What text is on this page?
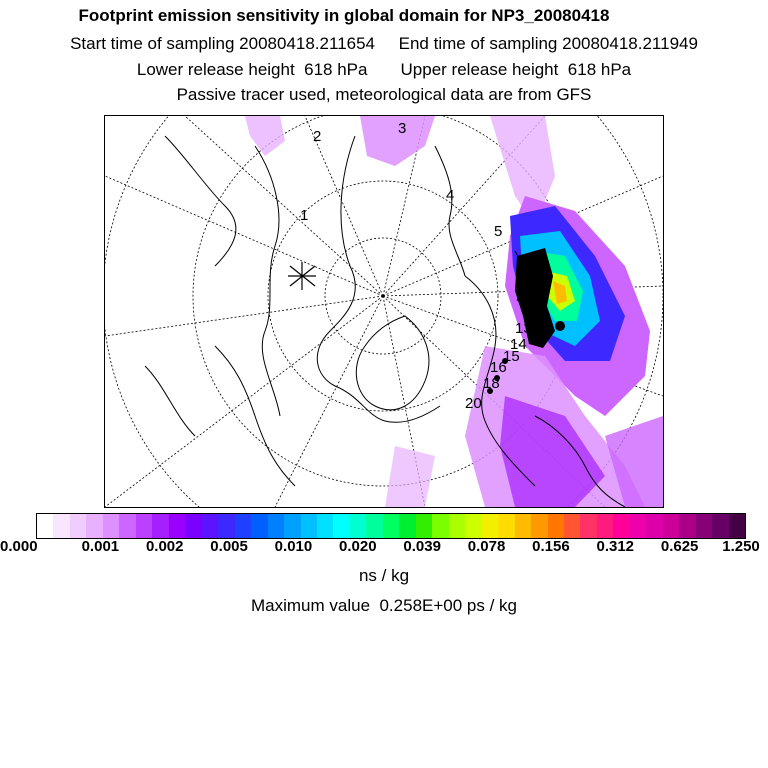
Footprint emission sensitivity in global domain for NP3_20080418
Start time of sampling 20080418.211654 End time of sampling 20080418.211949
Lower release height  618 hPa Upper release height  618 hPa
Passive tracer used, meteorological data are from GFS
1
2	3
4
5
13
14
15
16
18
20
0.000	0.001 0.002 0.005 0.010 0.020 0.039 0.078 0.156 0.312 0.625 1.250
ns / kg
Maximum value  0.258E+00 ps / kg
